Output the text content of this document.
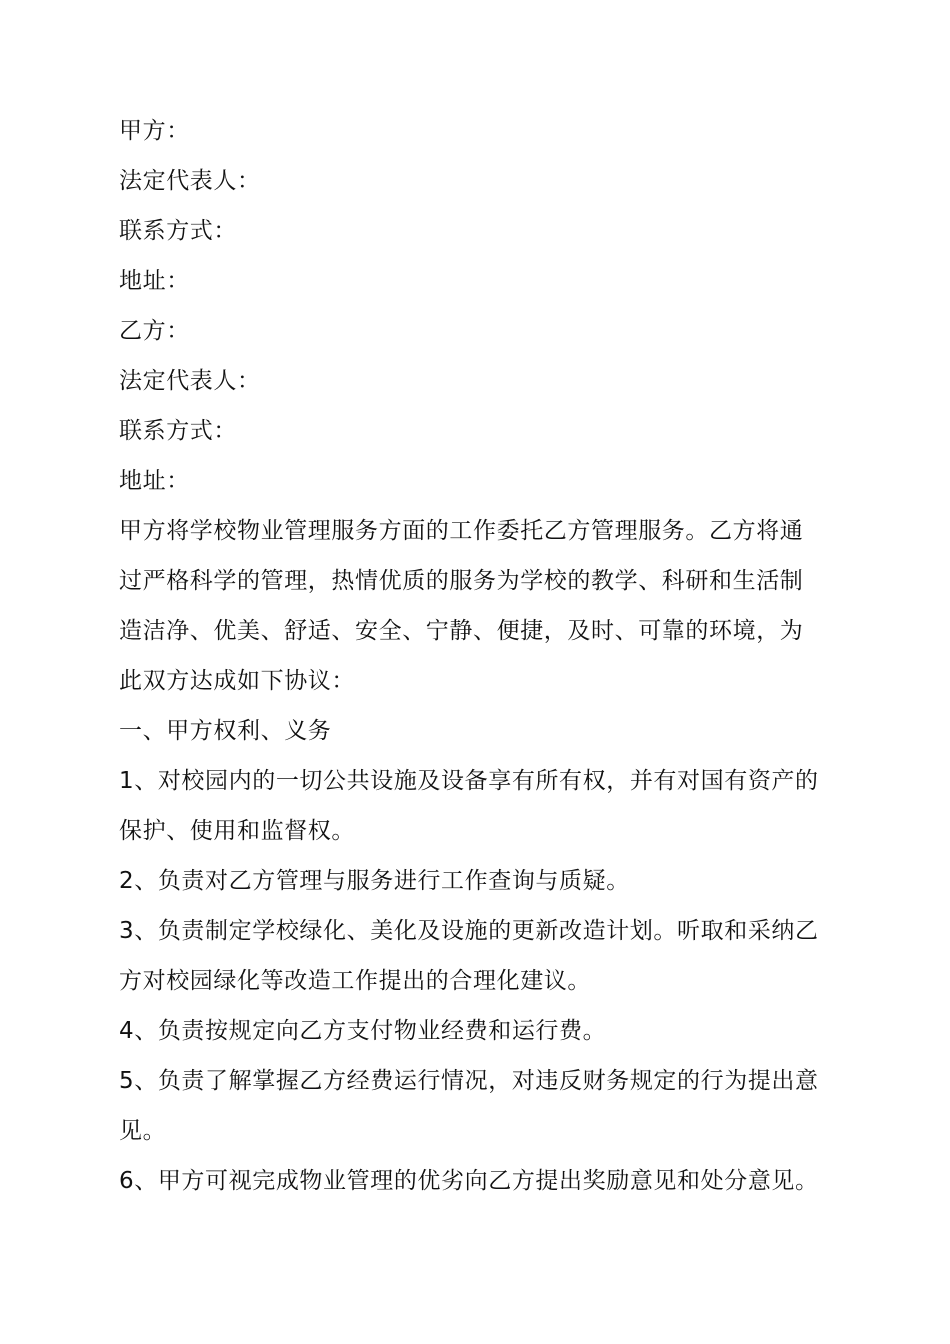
甲方：
法定代表人：
联系方式：
地址：
乙方：
法定代表人：
联系方式：
地址：
甲方将学校物业管理服务方面的工作委托乙方管理服务。乙方将通
过严格科学的管理，热情优质的服务为学校的教学、科研和生活制
造洁净、优美、舒适、安全、宁静、便捷，及时、可靠的环境，为
此双方达成如下协议：
一、甲方权利、义务
1、对校园内的一切公共设施及设备享有所有权，并有对国有资产的
保护、使用和监督权。
2、负责对乙方管理与服务进行工作查询与质疑。
3、负责制定学校绿化、美化及设施的更新改造计划。听取和采纳乙
方对校园绿化等改造工作提出的合理化建议。
4、负责按规定向乙方支付物业经费和运行费。
5、负责了解掌握乙方经费运行情况，对违反财务规定的行为提出意
见。
6、甲方可视完成物业管理的优劣向乙方提出奖励意见和处分意见。
